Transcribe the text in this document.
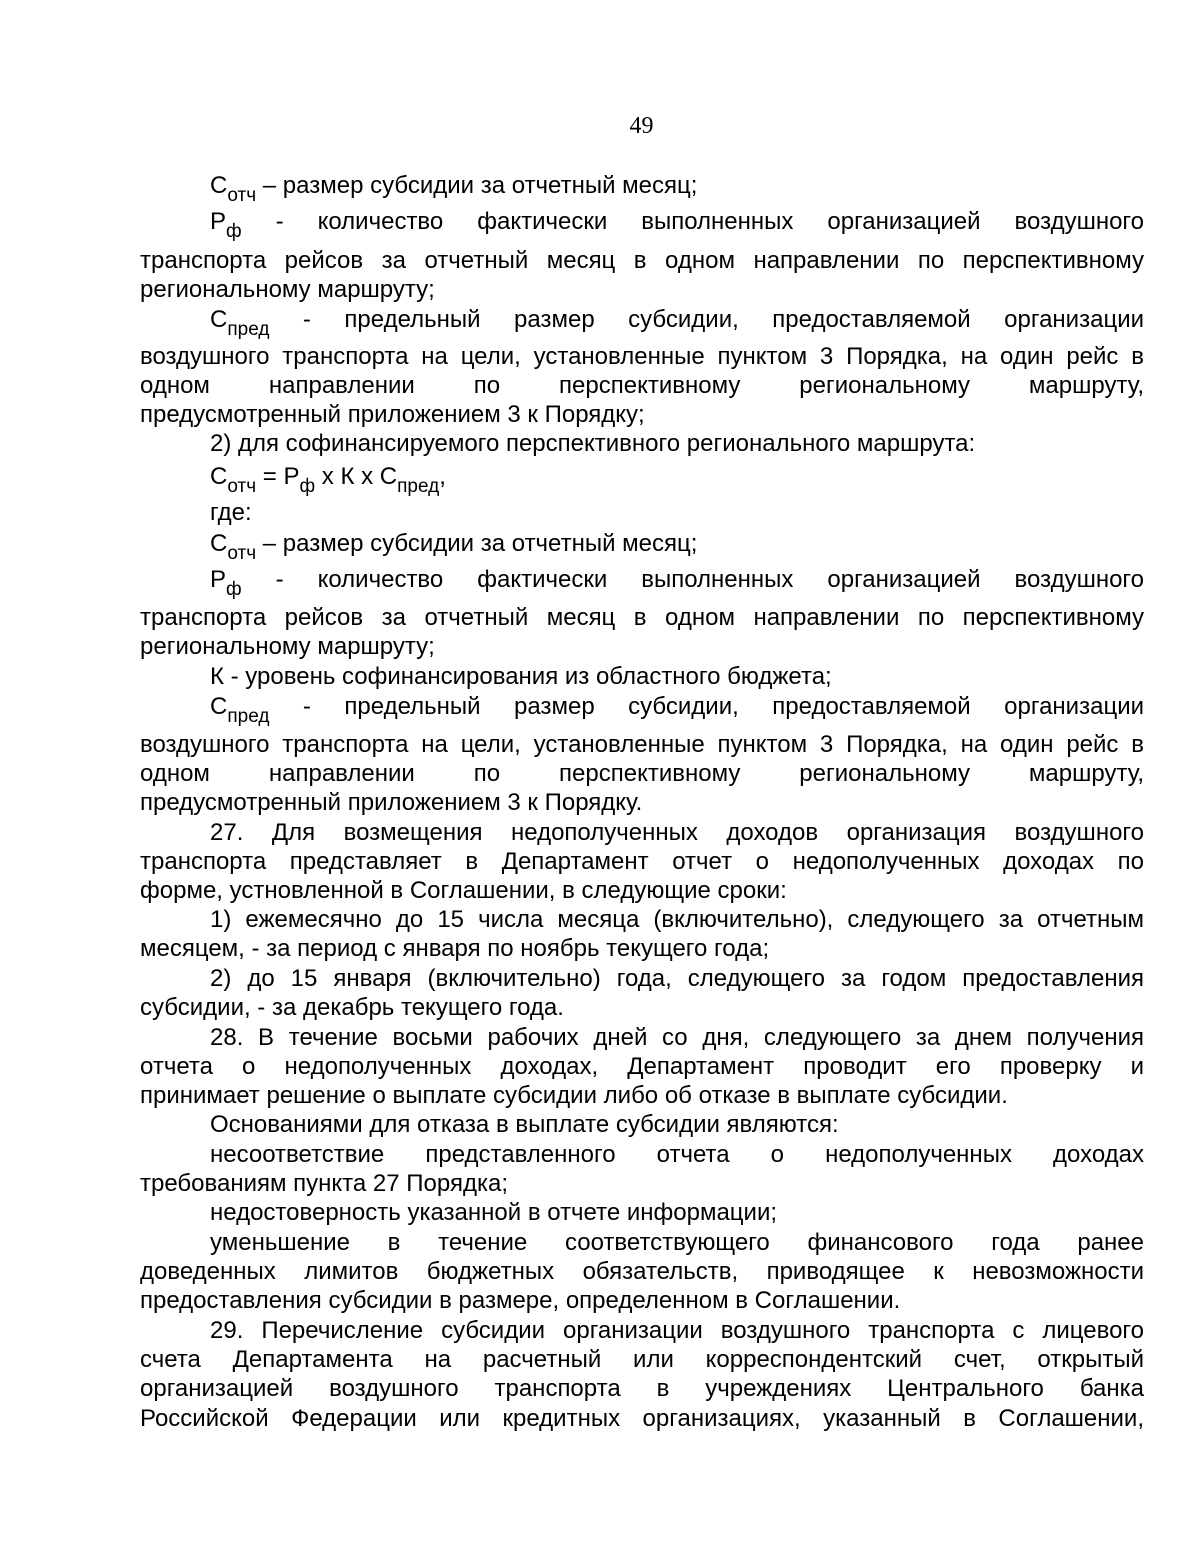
49
$С_{отч}$ – размер субсидии за отчетный месяц;
$Р_ф$ - количество фактически выполненных организацией воздушного
транспорта рейсов за отчетный месяц в одном направлении по перспективному
региональному маршруту;
$С_{пред}$ - предельный размер субсидии, предоставляемой организации
воздушного транспорта на цели, установленные пунктом 3 Порядка, на один рейс в
одном направлении по перспективному региональному маршруту,
предусмотренный приложением 3 к Порядку;
2) для софинансируемого перспективного регионального маршрута:
$С_{отч} = Р_ф$ х К х $С_{пред}$,
где:
$С_{отч}$ – размер субсидии за отчетный месяц;
$Р_ф$ - количество фактически выполненных организацией воздушного
транспорта рейсов за отчетный месяц в одном направлении по перспективному
региональному маршруту;
К - уровень софинансирования из областного бюджета;
$С_{пред}$ - предельный размер субсидии, предоставляемой организации
воздушного транспорта на цели, установленные пунктом 3 Порядка, на один рейс в
одном направлении по перспективному региональному маршруту,
предусмотренный приложением 3 к Порядку.
27. Для возмещения недополученных доходов организация воздушного
транспорта представляет в Департамент отчет о недополученных доходах по
форме, устновленной в Соглашении, в следующие сроки:
1) ежемесячно до 15 числа месяца (включительно), следующего за отчетным
месяцем, - за период с января по ноябрь текущего года;
2) до 15 января (включительно) года, следующего за годом предоставления
субсидии, - за декабрь текущего года.
28. В течение восьми рабочих дней со дня, следующего за днем получения
отчета о недополученных доходах, Департамент проводит его проверку и
принимает решение о выплате субсидии либо об отказе в выплате субсидии.
Основаниями для отказа в выплате субсидии являются:
несоответствие представленного отчета о недополученных доходах
требованиям пункта 27 Порядка;
недостоверность указанной в отчете информации;
уменьшение в течение соответствующего финансового года ранее
доведенных лимитов бюджетных обязательств, приводящее к невозможности
предоставления субсидии в размере, определенном в Соглашении.
29. Перечисление субсидии организации воздушного транспорта с лицевого
счета Департамента на расчетный или корреспондентский счет, открытый
организацией воздушного транспорта в учреждениях Центрального банка
Российской Федерации или кредитных организациях, указанный в Соглашении,
